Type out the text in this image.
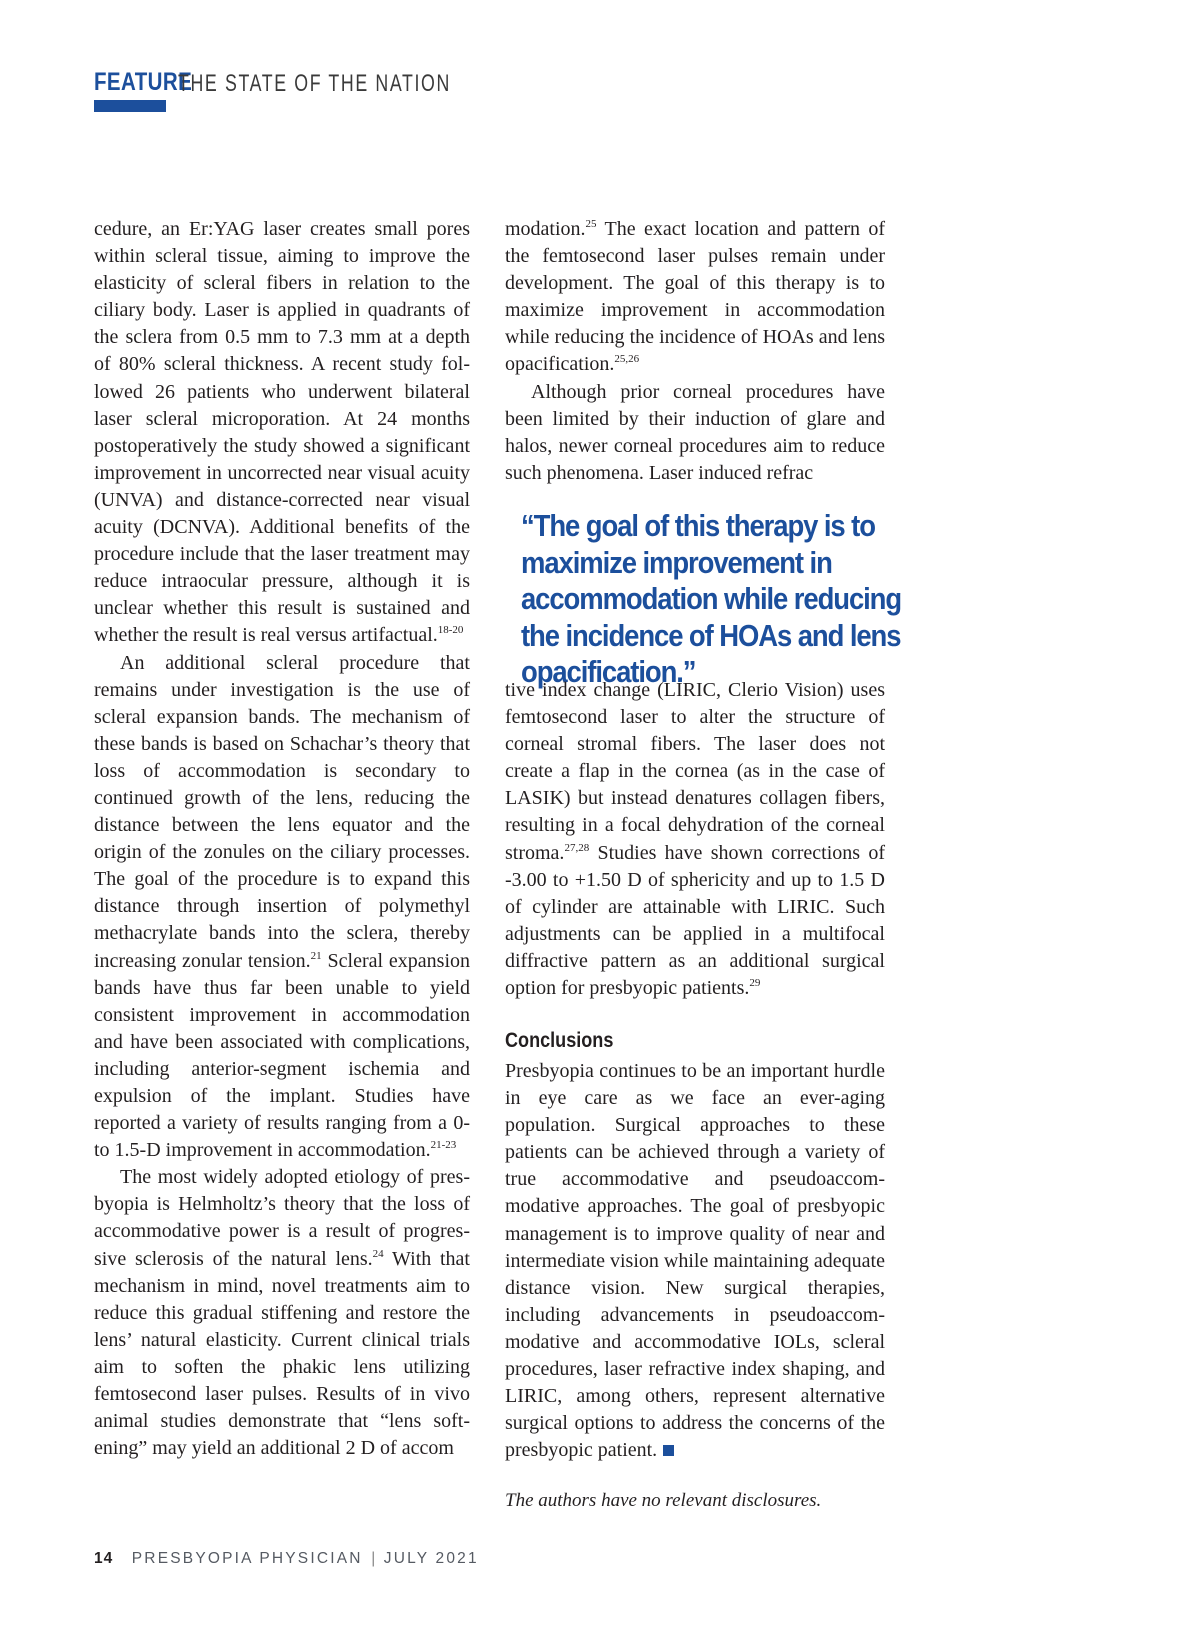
FEATURE
THE STATE OF THE NATION

cedure, an Er:YAG laser creates small pores within scleral tissue, aiming to improve the elasticity of scleral fibers in relation to the ciliary body. Laser is applied in quadrants of the sclera from 0.5 mm to 7.3 mm at a depth of 80% scleral thickness. A recent study followed 26 patients who underwent bilateral laser scleral microporation. At 24 months postoperatively the study showed a significant improvement in uncorrected near visual acuity (UNVA) and distance-corrected near visual acuity (DCNVA). Additional benefits of the procedure include that the laser treatment may reduce intraocular pressure, although it is unclear whether this result is sustained and whether the result is real versus artifactual.$^{18-20}$

An additional scleral procedure that remains under investigation is the use of scleral expansion bands. The mechanism of these bands is based on Schachar’s theory that loss of accommodation is secondary to continued growth of the lens, reducing the distance between the lens equator and the origin of the zonules on the ciliary processes. The goal of the procedure is to expand this distance through insertion of polymethyl methacrylate bands into the sclera, thereby increasing zonular tension.$^{21}$ Scleral expansion bands have thus far been unable to yield consistent improvement in accommodation and have been associated with complications, including anterior-segment ischemia and expulsion of the implant. Studies have reported a variety of results ranging from a 0- to 1.5-D improvement in accommodation.$^{21-23}$

The most widely adopted etiology of presbyopia is Helmholtz’s theory that the loss of accommodative power is a result of progressive sclerosis of the natural lens.$^{24}$ With that mechanism in mind, novel treatments aim to reduce this gradual stiffening and restore the lens’ natural elasticity. Current clinical trials aim to soften the phakic lens utilizing femtosecond laser pulses. Results of in vivo animal studies demonstrate that “lens softening” may yield an additional 2 D of accom

modation.$^{25}$ The exact location and pattern of the femtosecond laser pulses remain under development. The goal of this therapy is to maximize improvement in accommodation while reducing the incidence of HOAs and lens opacification.$^{25,26}$

Although prior corneal procedures have been limited by their induction of glare and halos, newer corneal procedures aim to reduce such phenomena. Laser induced refrac

“The goal of this therapy is to maximize improvement in accommodation while reducing the incidence of HOAs and lens opacification.”

tive index change (LIRIC, Clerio Vision) uses femtosecond laser to alter the structure of corneal stromal fibers. The laser does not create a flap in the cornea (as in the case of LASIK) but instead denatures collagen fibers, resulting in a focal dehydration of the corneal stroma.$^{27,28}$ Studies have shown corrections of -3.00 to +1.50 D of sphericity and up to 1.5 D of cylinder are attainable with LIRIC. Such adjustments can be applied in a multifocal diffractive pattern as an additional surgical option for presbyopic patients.$^{29}$

Conclusions

Presbyopia continues to be an important hurdle in eye care as we face an ever-aging population. Surgical approaches to these patients can be achieved through a variety of true accommodative and pseudoaccommodative approaches. The goal of presbyopic management is to improve quality of near and intermediate vision while maintaining adequate distance vision. New surgical therapies, including advancements in pseudoaccommodative and accommodative IOLs, scleral procedures, laser refractive index shaping, and LIRIC, among others, represent alternative surgical options to address the concerns of the presbyopic patient.

The authors have no relevant disclosures.
14 PRESBYOPIA PHYSICIAN | JULY 2021
